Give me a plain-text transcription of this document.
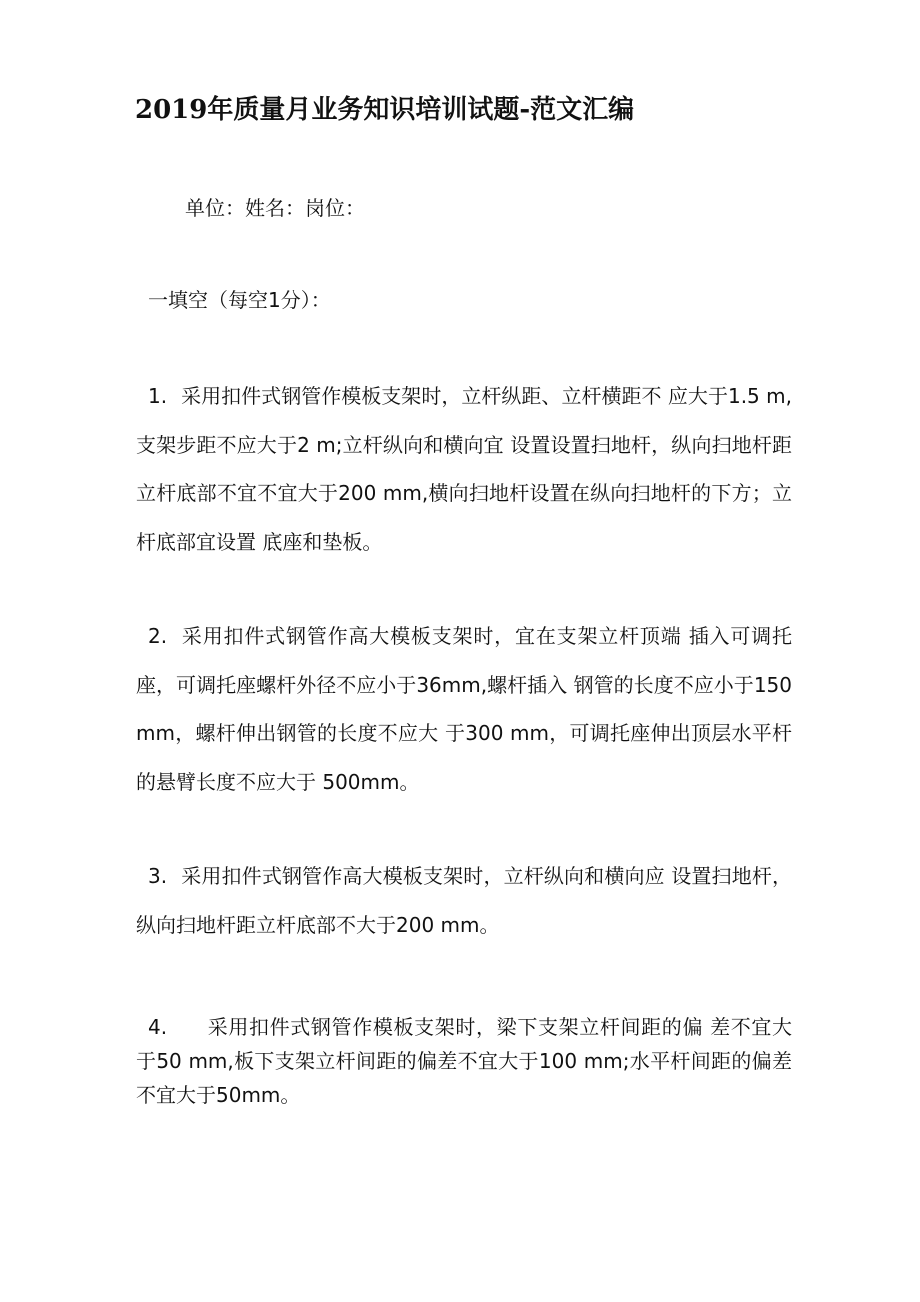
2019年质量月业务知识培训试题-范文汇编
单位：姓名：岗位：
一填空（每空1分）：
1. 采用扣件式钢管作模板支架时，立杆纵距、立杆横距不 应大于1.5 m,支架步距不应大于2 m;立杆纵向和横向宜 设置设置扫地杆，纵向扫地杆距立杆底部不宜不宜大于200 mm,横向扫地杆设置在纵向扫地杆的下方；立杆底部宜设置 底座和垫板。
2. 采用扣件式钢管作高大模板支架时，宜在支架立杆顶端 插入可调托座，可调托座螺杆外径不应小于36mm,螺杆插入 钢管的长度不应小于150 mm，螺杆伸出钢管的长度不应大 于300 mm，可调托座伸出顶层水平杆的悬臂长度不应大于 500mm。
3. 采用扣件式钢管作高大模板支架时，立杆纵向和横向应 设置扫地杆，纵向扫地杆距立杆底部不大于200 mm。
4. 采用扣件式钢管作模板支架时，梁下支架立杆间距的偏 差不宜大于50 mm,板下支架立杆间距的偏差不宜大于100 mm;水平杆间距的偏差不宜大于50mm。
